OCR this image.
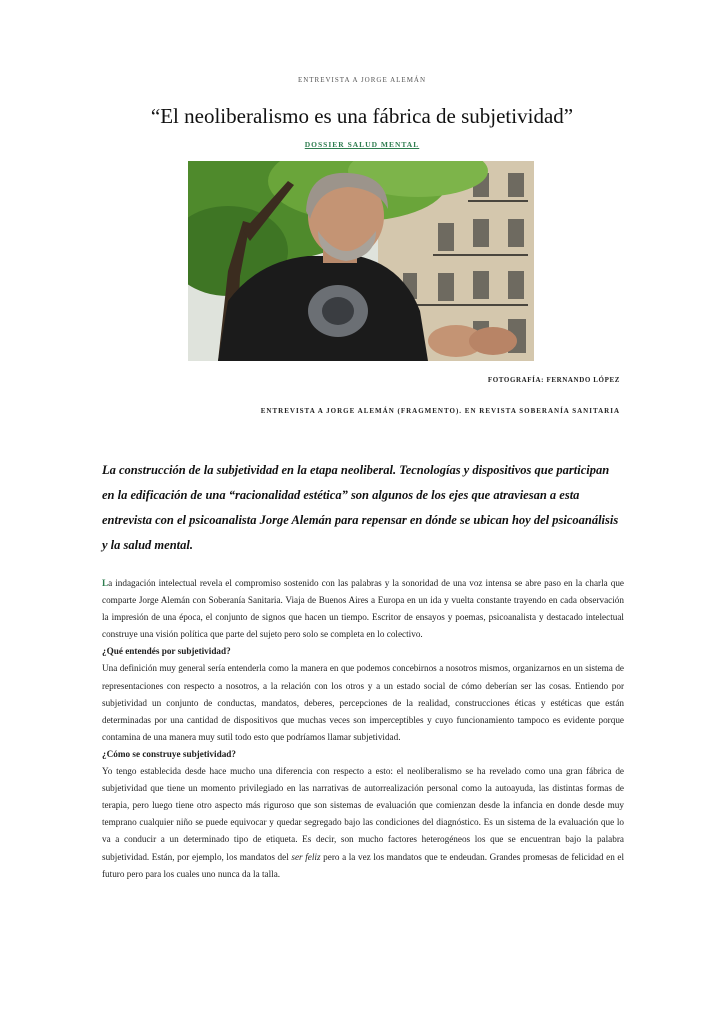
ENTREVISTA A JORGE ALEMÁN
“El neoliberalismo es una fábrica de subjetividad”
DOSSIER SALUD MENTAL
FOTOGRAFÍA: FERNANDO LÓPEZ
ENTREVISTA A JORGE ALEMÁN (FRAGMENTO). EN REVISTA SOBERANÍA SANITARIA

La construcción de la subjetividad en la etapa neoliberal. Tecnologías y dispositivos que participan en la edificación de una “racionalidad estética” son algunos de los ejes que atraviesan a esta entrevista con el psicoanalista Jorge Alemán para repensar en dónde se ubican hoy del psicoanálisis y la salud mental.

La indagación intelectual revela el compromiso sostenido con las palabras y la sonoridad de una voz intensa se abre paso en la charla que comparte Jorge Alemán con Soberanía Sanitaria. Viaja de Buenos Aires a Europa en un ida y vuelta constante trayendo en cada observación la impresión de una época, el conjunto de signos que hacen un tiempo. Escritor de ensayos y poemas, psicoanalista y destacado intelectual construye una visión política que parte del sujeto pero solo se completa en lo colectivo.

¿Qué entendés por subjetividad?

Una definición muy general sería entenderla como la manera en que podemos concebirnos a nosotros mismos, organizarnos en un sistema de representaciones con respecto a nosotros, a la relación con los otros y a un estado social de cómo deberían ser las cosas. Entiendo por subjetividad un conjunto de conductas, mandatos, deberes, percepciones de la realidad, construcciones éticas y estéticas que están determinadas por una cantidad de dispositivos que muchas veces son imperceptibles y cuyo funcionamiento tampoco es evidente porque contamina de una manera muy sutil todo esto que podríamos llamar subjetividad.

¿Cómo se construye subjetividad?

Yo tengo establecida desde hace mucho una diferencia con respecto a esto: el neoliberalismo se ha revelado como una gran fábrica de subjetividad que tiene un momento privilegiado en las narrativas de autorrealización personal como la autoayuda, las distintas formas de terapia, pero luego tiene otro aspecto más riguroso que son sistemas de evaluación que comienzan desde la infancia en donde desde muy temprano cualquier niño se puede equivocar y quedar segregado bajo las condiciones del diagnóstico. Es un sistema de la evaluación que lo va a conducir a un determinado tipo de etiqueta. Es decir, son mucho factores heterogéneos los que se encuentran bajo la palabra subjetividad. Están, por ejemplo, los mandatos del ser feliz pero a la vez los mandatos que te endeudan. Grandes promesas de felicidad en el futuro pero para los cuales uno nunca da la talla.
